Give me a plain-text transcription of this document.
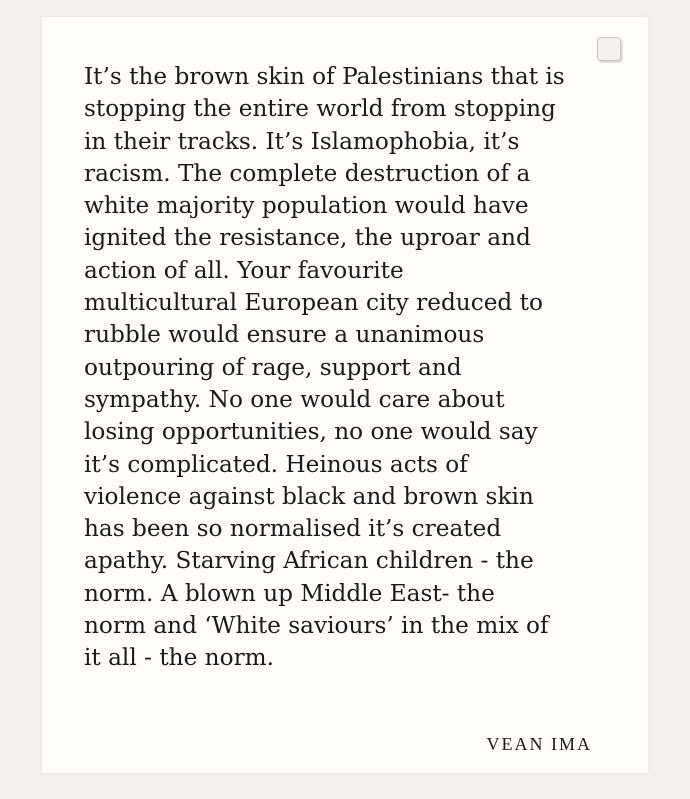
It’s the brown skin of Palestinians that is
stopping the entire world from stopping
in their tracks. It’s Islamophobia, it’s
racism. The complete destruction of a
white majority population would have
ignited the resistance, the uproar and
action of all. Your favourite
multicultural European city reduced to
rubble would ensure a unanimous
outpouring of rage, support and
sympathy. No one would care about
losing opportunities, no one would say
it’s complicated. Heinous acts of
violence against black and brown skin
has been so normalised it’s created
apathy. Starving African children - the
norm. A blown up Middle East- the
norm and ‘White saviours’ in the mix of
it all - the norm.

VEAN IMA
